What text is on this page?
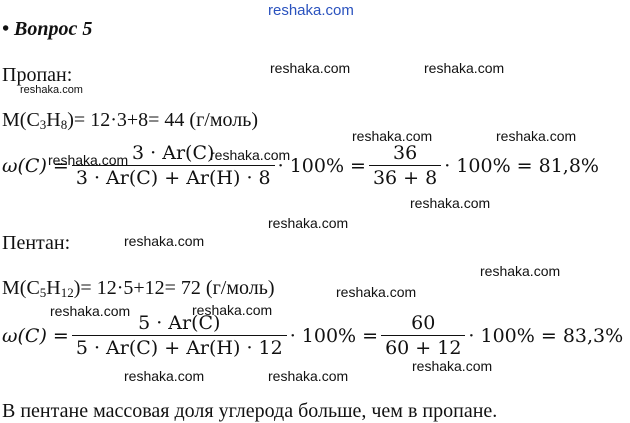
reshaka.com
• Вопрос 5
Пропан:
$M(C_3H_8)= 12\cdot 3+8= 44$ (г/моль)
$\omega(C) = \frac{3 \cdot Ar(C)}{3 \cdot Ar(C) + Ar(H) \cdot 8} \cdot 100\% = \frac{36}{36 + 8} \cdot 100\% = 81,8\%$
Пентан:
$M(C_5H_{12})= 12\cdot 5+12= 72$ (г/моль)
$\omega(C) = \frac{5 \cdot Ar(C)}{5 \cdot Ar(C) + Ar(H) \cdot 12} \cdot 100\% = \frac{60}{60 + 12} \cdot 100\% = 83,3\%$
В пентане массовая доля углерода больше, чем в пропане.
reshaka.com	reshaka.com
reshaka.com
reshaka.com	reshaka.com
reshaka.com	reshaka.com
reshaka.com
reshaka.com
reshaka.com
reshaka.com
reshaka.com
reshaka.com	reshaka.com
reshaka.com	reshaka.com
reshaka.com
